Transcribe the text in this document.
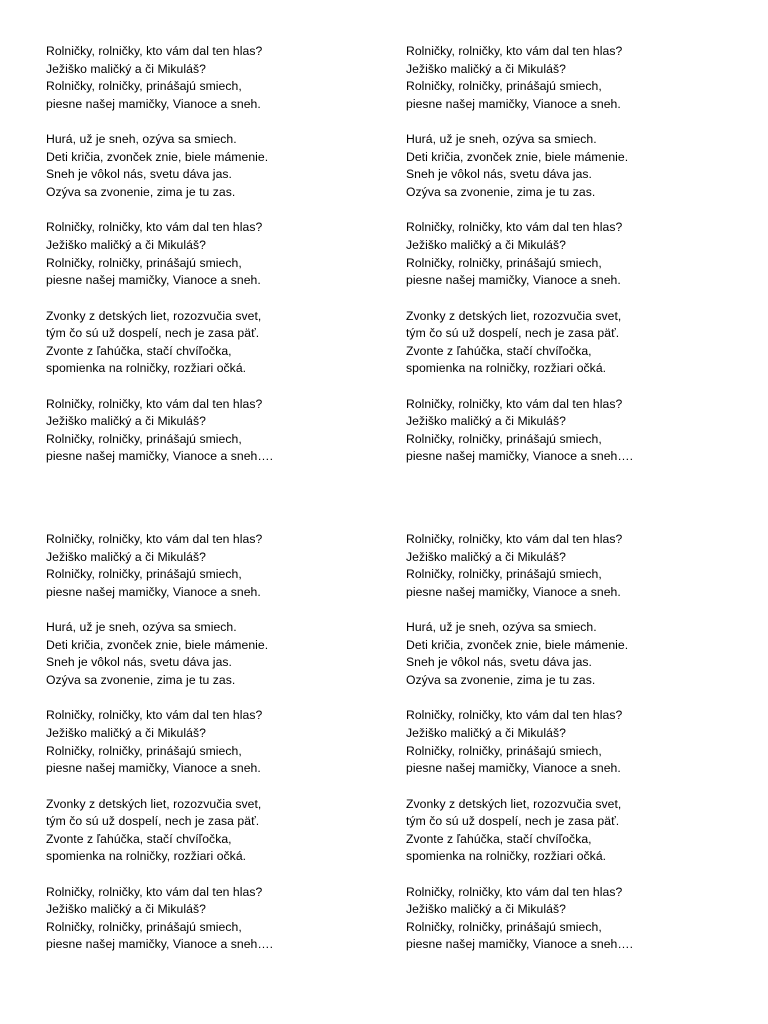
Rolničky, rolničky, kto vám dal ten hlas?
Ježiško maličký a či Mikuláš?
Rolničky, rolničky, prinášajú smiech,
piesne našej mamičky, Vianoce a sneh.
Hurá, už je sneh, ozýva sa smiech.
Deti kričia, zvonček znie, biele mámenie.
Sneh je vôkol nás, svetu dáva jas.
Ozýva sa zvonenie, zima je tu zas.
Rolničky, rolničky, kto vám dal ten hlas?
Ježiško maličký a či Mikuláš?
Rolničky, rolničky, prinášajú smiech,
piesne našej mamičky, Vianoce a sneh.
Zvonky z detských liet, rozozvučia svet,
tým čo sú už dospelí, nech je zasa päť.
Zvonte z ľahúčka, stačí chvíľočka,
spomienka na rolničky, rozžiari očká.
Rolničky, rolničky, kto vám dal ten hlas?
Ježiško maličký a či Mikuláš?
Rolničky, rolničky, prinášajú smiech,
piesne našej mamičky, Vianoce a sneh….
Rolničky, rolničky, kto vám dal ten hlas?
Ježiško maličký a či Mikuláš?
Rolničky, rolničky, prinášajú smiech,
piesne našej mamičky, Vianoce a sneh.
Hurá, už je sneh, ozýva sa smiech.
Deti kričia, zvonček znie, biele mámenie.
Sneh je vôkol nás, svetu dáva jas.
Ozýva sa zvonenie, zima je tu zas.
Rolničky, rolničky, kto vám dal ten hlas?
Ježiško maličký a či Mikuláš?
Rolničky, rolničky, prinášajú smiech,
piesne našej mamičky, Vianoce a sneh.
Zvonky z detských liet, rozozvučia svet,
tým čo sú už dospelí, nech je zasa päť.
Zvonte z ľahúčka, stačí chvíľočka,
spomienka na rolničky, rozžiari očká.
Rolničky, rolničky, kto vám dal ten hlas?
Ježiško maličký a či Mikuláš?
Rolničky, rolničky, prinášajú smiech,
piesne našej mamičky, Vianoce a sneh….
Rolničky, rolničky, kto vám dal ten hlas?
Ježiško maličký a či Mikuláš?
Rolničky, rolničky, prinášajú smiech,
piesne našej mamičky, Vianoce a sneh.
Hurá, už je sneh, ozýva sa smiech.
Deti kričia, zvonček znie, biele mámenie.
Sneh je vôkol nás, svetu dáva jas.
Ozýva sa zvonenie, zima je tu zas.
Rolničky, rolničky, kto vám dal ten hlas?
Ježiško maličký a či Mikuláš?
Rolničky, rolničky, prinášajú smiech,
piesne našej mamičky, Vianoce a sneh.
Zvonky z detských liet, rozozvučia svet,
tým čo sú už dospelí, nech je zasa päť.
Zvonte z ľahúčka, stačí chvíľočka,
spomienka na rolničky, rozžiari očká.
Rolničky, rolničky, kto vám dal ten hlas?
Ježiško maličký a či Mikuláš?
Rolničky, rolničky, prinášajú smiech,
piesne našej mamičky, Vianoce a sneh….
Rolničky, rolničky, kto vám dal ten hlas?
Ježiško maličký a či Mikuláš?
Rolničky, rolničky, prinášajú smiech,
piesne našej mamičky, Vianoce a sneh.
Hurá, už je sneh, ozýva sa smiech.
Deti kričia, zvonček znie, biele mámenie.
Sneh je vôkol nás, svetu dáva jas.
Ozýva sa zvonenie, zima je tu zas.
Rolničky, rolničky, kto vám dal ten hlas?
Ježiško maličký a či Mikuláš?
Rolničky, rolničky, prinášajú smiech,
piesne našej mamičky, Vianoce a sneh.
Zvonky z detských liet, rozozvučia svet,
tým čo sú už dospelí, nech je zasa päť.
Zvonte z ľahúčka, stačí chvíľočka,
spomienka na rolničky, rozžiari očká.
Rolničky, rolničky, kto vám dal ten hlas?
Ježiško maličký a či Mikuláš?
Rolničky, rolničky, prinášajú smiech,
piesne našej mamičky, Vianoce a sneh….
